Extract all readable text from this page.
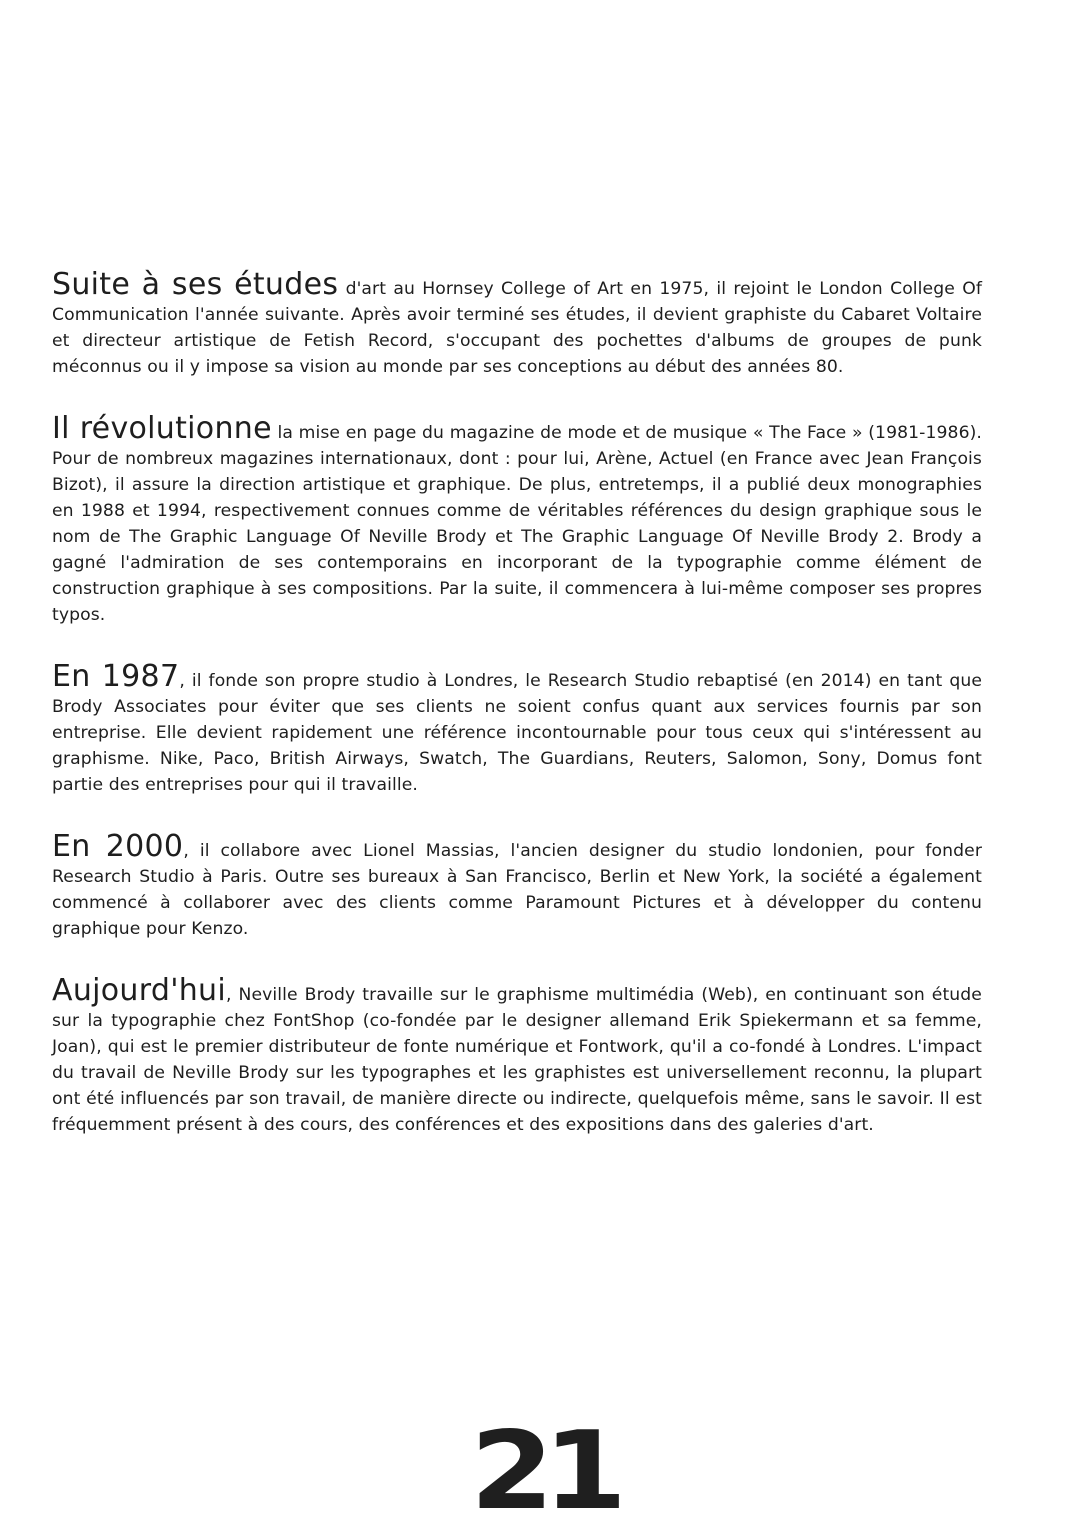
Suite à ses études d'art au Hornsey College of Art en 1975, il rejoint le London College Of Communication l'année suivante. Après avoir terminé ses études, il devient graphiste du Cabaret Voltaire et directeur artistique de Fetish Record, s'occupant des pochettes d'albums de groupes de punk méconnus ou il y impose sa vision au monde par ses conceptions au début des années 80.

Il révolutionne la mise en page du magazine de mode et de musique « The Face » (1981-1986). Pour de nombreux magazines internationaux, dont : pour lui, Arène, Actuel (en France avec Jean François Bizot), il assure la direction artistique et graphique. De plus, entretemps, il a publié deux monographies en 1988 et 1994, respectivement connues comme de véritables références du design graphique sous le nom de The Graphic Language Of Neville Brody et The Graphic Language Of Neville Brody 2. Brody a gagné l'admiration de ses contemporains en incorporant de la typographie comme élément de construction graphique à ses compositions. Par la suite, il commencera à lui-même composer ses propres typos.

En 1987, il fonde son propre studio à Londres, le Research Studio rebaptisé (en 2014) en tant que Brody Associates pour éviter que ses clients ne soient confus quant aux services fournis par son entreprise. Elle devient rapidement une référence incontournable pour tous ceux qui s'intéressent au graphisme. Nike, Paco, British Airways, Swatch, The Guardians, Reuters, Salomon, Sony, Domus font partie des entreprises pour qui il travaille.

En 2000, il collabore avec Lionel Massias, l'ancien designer du studio londonien, pour fonder Research Studio à Paris. Outre ses bureaux à San Francisco, Berlin et New York, la société a également commencé à collaborer avec des clients comme Paramount Pictures et à développer du contenu graphique pour Kenzo.

Aujourd'hui, Neville Brody travaille sur le graphisme multimédia (Web), en continuant son étude sur la typographie chez FontShop (co-fondée par le designer allemand Erik Spiekermann et sa femme, Joan), qui est le premier distributeur de fonte numérique et Fontwork, qu'il a co-fondé à Londres. L'impact du travail de Neville Brody sur les typographes et les graphistes est universellement reconnu, la plupart ont été influencés par son travail, de manière directe ou indirecte, quelquefois même, sans le savoir. Il est fréquemment présent à des cours, des conférences et des expositions dans des galeries d'art.

21
